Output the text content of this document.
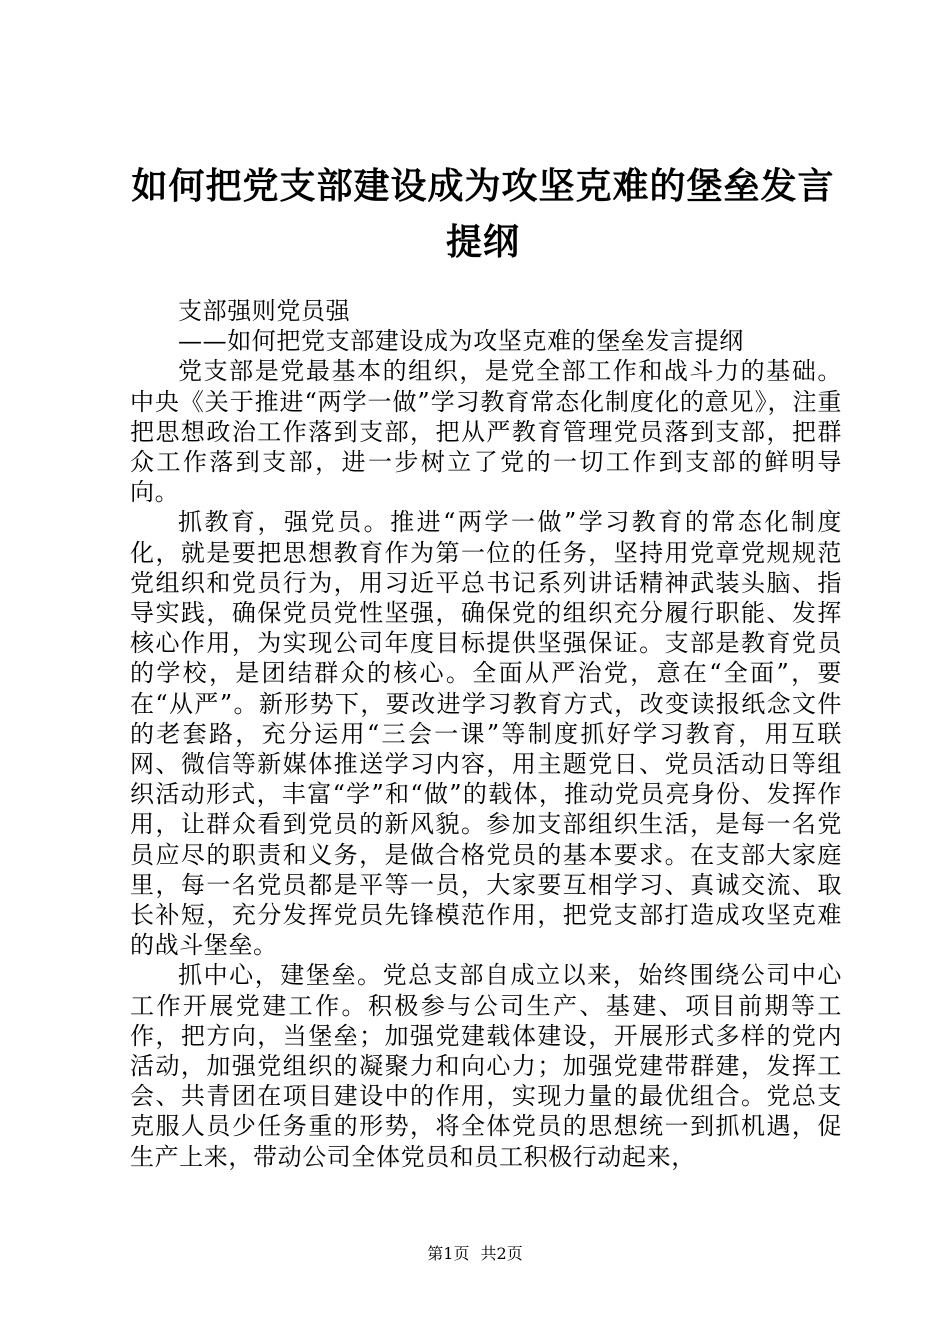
如何把党支部建设成为攻坚克难的堡垒发言提纲

支部强则党员强

——如何把党支部建设成为攻坚克难的堡垒发言提纲

党支部是党最基本的组织，是党全部工作和战斗力的基础。中央《关于推进“两学一做”学习教育常态化制度化的意见》，注重把思想政治工作落到支部，把从严教育管理党员落到支部，把群众工作落到支部，进一步树立了党的一切工作到支部的鲜明导向。

抓教育，强党员。推进“两学一做”学习教育的常态化制度化，就是要把思想教育作为第一位的任务，坚持用党章党规规范党组织和党员行为，用习近平总书记系列讲话精神武装头脑、指导实践，确保党员党性坚强，确保党的组织充分履行职能、发挥核心作用，为实现公司年度目标提供坚强保证。支部是教育党员的学校，是团结群众的核心。全面从严治党，意在“全面”，要在“从严”。新形势下，要改进学习教育方式，改变读报纸念文件的老套路，充分运用“三会一课”等制度抓好学习教育，用互联网、微信等新媒体推送学习内容，用主题党日、党员活动日等组织活动形式，丰富“学”和“做”的载体，推动党员亮身份、发挥作用，让群众看到党员的新风貌。参加支部组织生活，是每一名党员应尽的职责和义务，是做合格党员的基本要求。在支部大家庭里，每一名党员都是平等一员，大家要互相学习、真诚交流、取长补短，充分发挥党员先锋模范作用，把党支部打造成攻坚克难的战斗堡垒。

抓中心，建堡垒。党总支部自成立以来，始终围绕公司中心工作开展党建工作。积极参与公司生产、基建、项目前期等工作，把方向，当堡垒；加强党建载体建设，开展形式多样的党内活动，加强党组织的凝聚力和向心力；加强党建带群建，发挥工会、共青团在项目建设中的作用，实现力量的最优组合。党总支克服人员少任务重的形势，将全体党员的思想统一到抓机遇，促生产上来，带动公司全体党员和员工积极行动起来，

第1页 共2页
